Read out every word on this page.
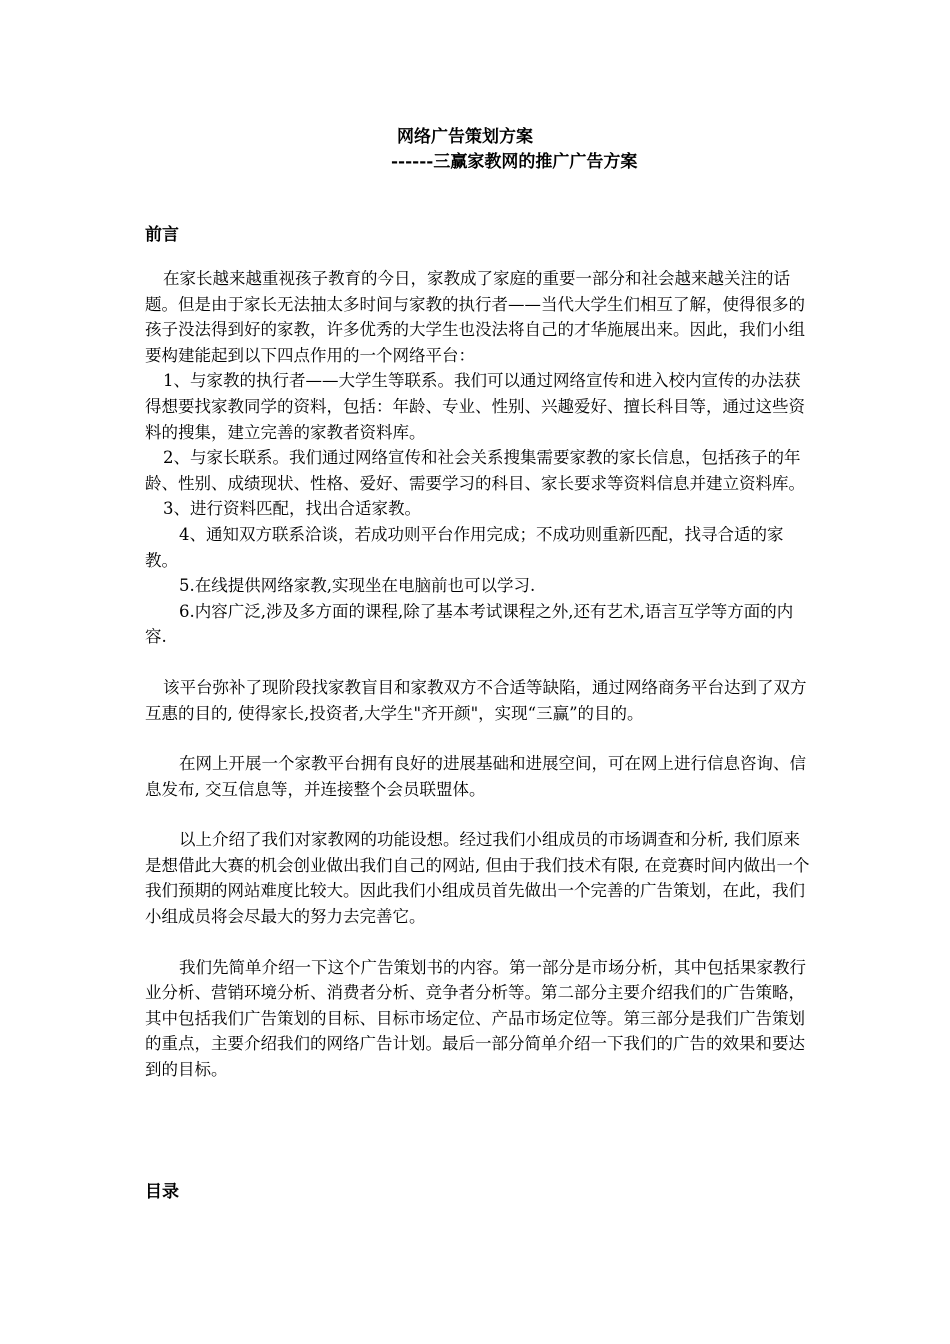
网络广告策划方案
------三赢家教网的推广广告方案
前言

在家长越来越重视孩子教育的今日，家教成了家庭的重要一部分和社会越来越关注的话题。但是由于家长无法抽太多时间与家教的执行者——当代大学生们相互了解，使得很多的孩子没法得到好的家教，许多优秀的大学生也没法将自己的才华施展出来。因此，我们小组要构建能起到以下四点作用的一个网络平台：

1、与家教的执行者——大学生等联系。我们可以通过网络宣传和进入校内宣传的办法获得想要找家教同学的资料，包括：年龄、专业、性别、兴趣爱好、擅长科目等，通过这些资料的搜集，建立完善的家教者资料库。

2、与家长联系。我们通过网络宣传和社会关系搜集需要家教的家长信息，包括孩子的年龄、性别、成绩现状、性格、爱好、需要学习的科目、家长要求等资料信息并建立资料库。

3、进行资料匹配，找出合适家教。

4、通知双方联系洽谈，若成功则平台作用完成；不成功则重新匹配，找寻合适的家教。

5.在线提供网络家教,实现坐在电脑前也可以学习.

6.内容广泛,涉及多方面的课程,除了基本考试课程之外,还有艺术,语言互学等方面的内容.

该平台弥补了现阶段找家教盲目和家教双方不合适等缺陷，通过网络商务平台达到了双方互惠的目的, 使得家长,投资者,大学生"齐开颜"，实现“三赢”的目的。

在网上开展一个家教平台拥有良好的进展基础和进展空间，可在网上进行信息咨询、信息发布, 交互信息等，并连接整个会员联盟体。

以上介绍了我们对家教网的功能设想。经过我们小组成员的市场调查和分析, 我们原来是想借此大赛的机会创业做出我们自己的网站, 但由于我们技术有限, 在竞赛时间内做出一个我们预期的网站难度比较大。因此我们小组成员首先做出一个完善的广告策划，在此，我们小组成员将会尽最大的努力去完善它。

我们先简单介绍一下这个广告策划书的内容。第一部分是市场分析，其中包括果家教行业分析、营销环境分析、消费者分析、竞争者分析等。第二部分主要介绍我们的广告策略，其中包括我们广告策划的目标、目标市场定位、产品市场定位等。第三部分是我们广告策划的重点，主要介绍我们的网络广告计划。最后一部分简单介绍一下我们的广告的效果和要达到的目标。

目录
